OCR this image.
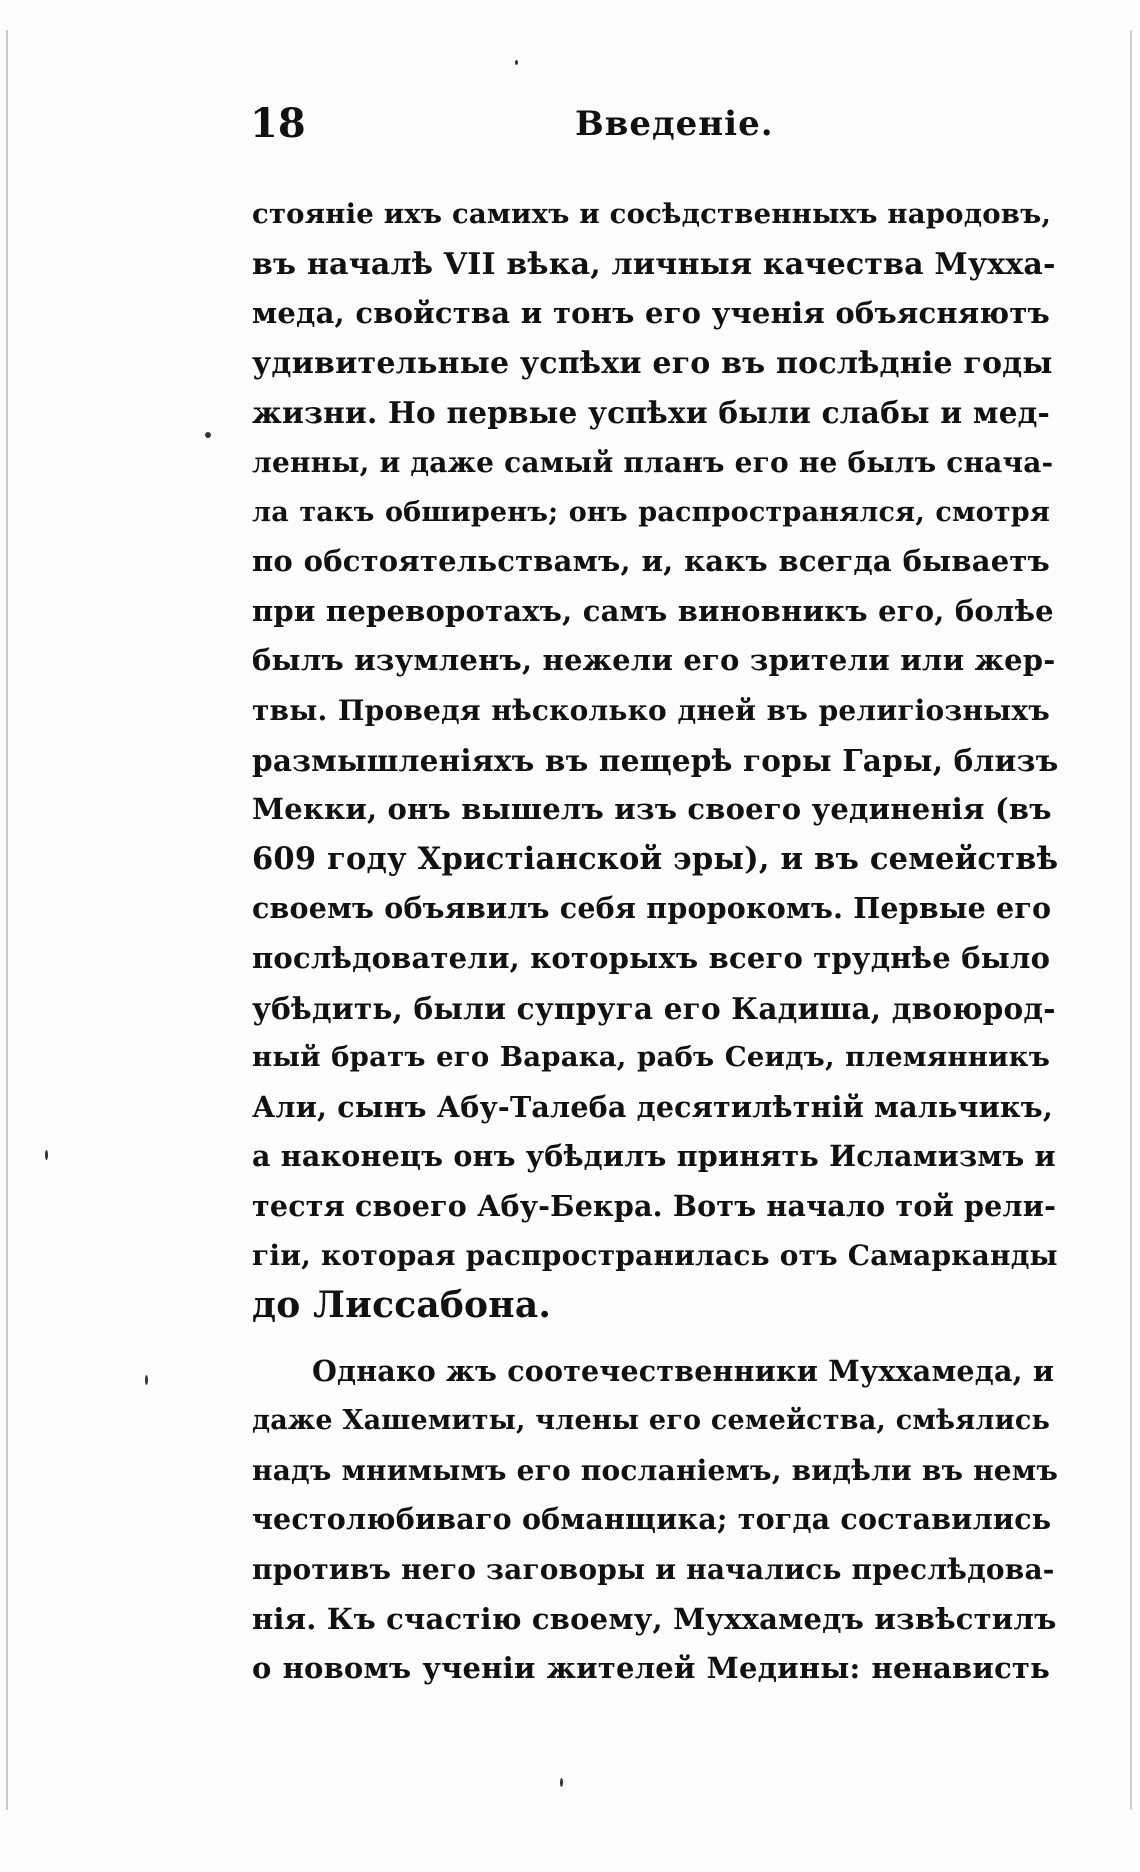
18	Введеніе.
стояніе ихъ самихъ и сосѣдственныхъ народовъ,
въ началѣ VII вѣка, личныя качества Мухха-
меда, свойства и тонъ его ученія объясняютъ
удивительные успѣхи его въ послѣдніе годы
жизни. Но первые успѣхи были слабы и мед-
ленны, и даже самый планъ его не былъ снача-
ла такъ обширенъ; онъ распространялся, смотря
по обстоятельствамъ, и, какъ всегда бываетъ
при переворотахъ, самъ виновникъ его, болѣе
былъ изумленъ, нежели его зрители или жер-
твы. Проведя нѣсколько дней въ религіозныхъ
размышленіяхъ въ пещерѣ горы Гары, близъ
Мекки, онъ вышелъ изъ своего уединенія (въ
609 году Христіанской эры), и въ семействѣ
своемъ объявилъ себя пророкомъ. Первые его
послѣдователи, которыхъ всего труднѣе было
убѣдить, были супруга его Кадиша, двоюрод-
ный братъ его Варака, рабъ Сеидъ, племянникъ
Али, сынъ Абу-Талеба десятилѣтній мальчикъ,
а наконецъ онъ убѣдилъ принять Исламизмъ и
тестя своего Абу-Бекра. Вотъ начало той рели-
гіи, которая распространилась отъ Самарканды
до Лиссабона.
Однако жъ соотечественники Мухxамеда, и
даже Хашемиты, члены его семейства, смѣялись
надъ мнимымъ его посланіемъ, видѣли въ немъ
честолюбиваго обманщика; тогда составились
противъ него заговоры и начались преслѣдова-
нія. Къ счастію своему, Мухxамедъ извѣстилъ
о новомъ ученіи жителей Медины: ненависть
